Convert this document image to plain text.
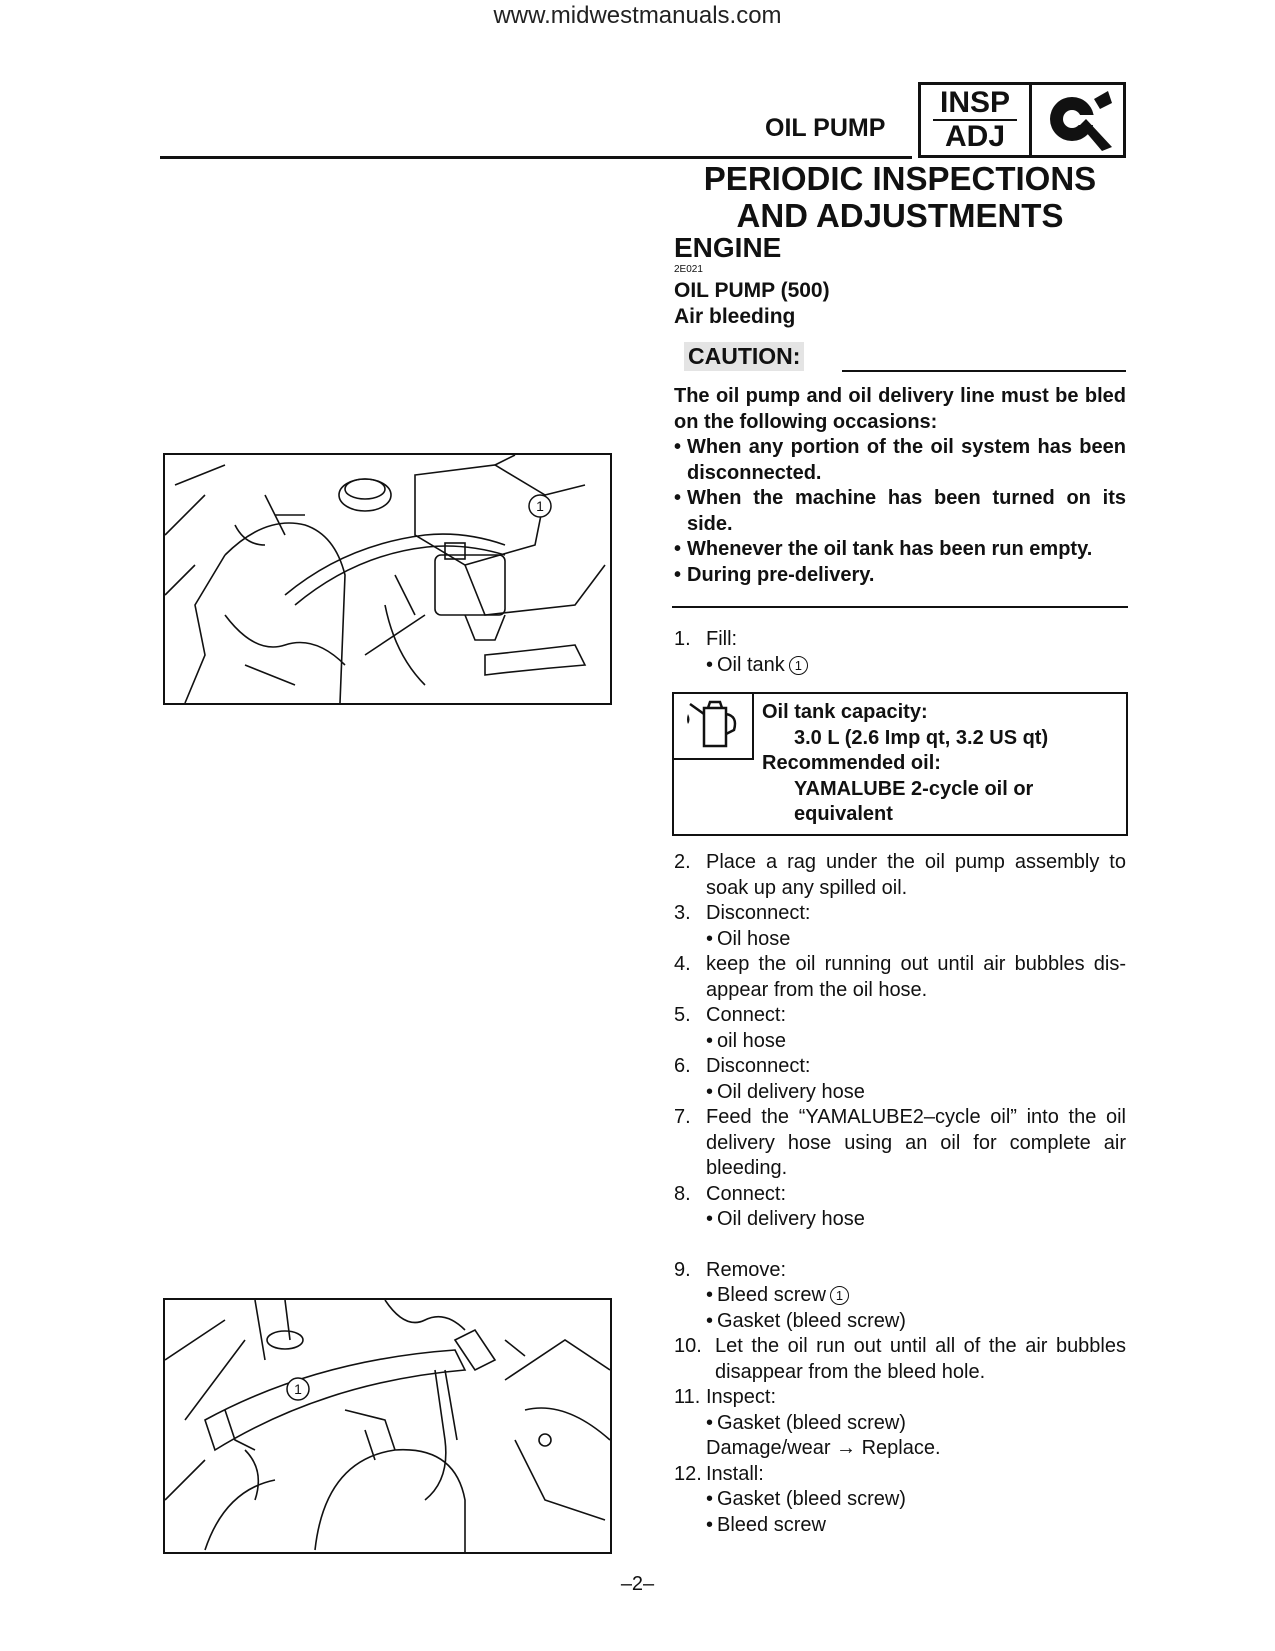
www.midwestmanuals.com
OIL PUMP
INSP
ADJ
PERIODIC INSPECTIONS
AND ADJUSTMENTS
ENGINE
2E021
OIL PUMP (500)
Air bleeding
CAUTION:

The oil pump and oil delivery line must be bled on the following occasions:

• When any portion of the oil system has been disconnected.
• When the machine has been turned on its side.
• Whenever the oil tank has been run empty.
• During pre-delivery.
1. Fill:
• Oil tank 1
Oil tank capacity:
3.0 L (2.6 Imp qt, 3.2 US qt)
Recommended oil:
YAMALUBE 2-cycle oil or
equivalent
2. Place a rag under the oil pump assembly to soak up any spilled oil.
3. Disconnect:
• Oil hose
4. keep the oil running out until air bubbles dis-appear from the oil hose.
5. Connect:
• oil hose
6. Disconnect:
• Oil delivery hose
7. Feed the “YAMALUBE2–cycle oil” into the oil delivery hose using an oil for complete air bleeding.
8. Connect:
• Oil delivery hose
9. Remove:
• Bleed screw 1
• Gasket (bleed screw)
10. Let the oil run out until all of the air bubbles disappear from the bleed hole.
11. Inspect:
• Gasket (bleed screw)
Damage/wear → Replace.
12. Install:
• Gasket (bleed screw)
• Bleed screw
1
1
–2–
